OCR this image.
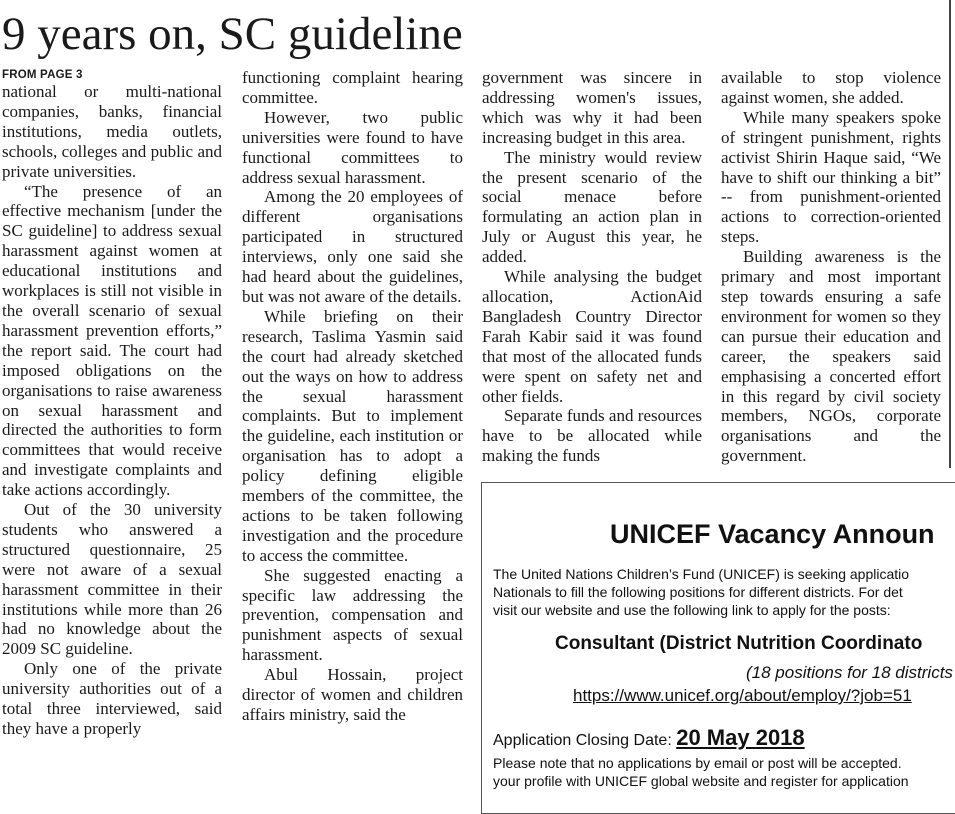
9 years on, SC guideline

FROM PAGE 3

national or multi-national companies, banks, financial institutions, media outlets, schools, colleges and public and private universities.

“The presence of an effective mechanism [under the SC guideline] to address sexual harassment against women at educational institutions and workplaces is still not visible in the overall scenario of sexual harassment prevention efforts,” the report said. The court had imposed obligations on the organisations to raise awareness on sexual harassment and directed the authorities to form committees that would receive and investigate complaints and take actions accordingly.

Out of the 30 university students who answered a structured questionnaire, 25 were not aware of a sexual harassment committee in their institutions while more than 26 had no knowledge about the 2009 SC guideline.

Only one of the private university authorities out of a total three interviewed, said they have a properly

functioning complaint hearing committee.

However, two public universities were found to have functional committees to address sexual harassment.

Among the 20 employees of different organisations participated in structured interviews, only one said she had heard about the guidelines, but was not aware of the details.

While briefing on their research, Taslima Yasmin said the court had already sketched out the ways on how to address the sexual harassment complaints. But to implement the guideline, each institution or organisation has to adopt a policy defining eligible members of the committee, the actions to be taken following investigation and the procedure to access the committee.

She suggested enacting a specific law addressing the prevention, compensation and punishment aspects of sexual harassment.

Abul Hossain, project director of women and children affairs ministry, said the

government was sincere in addressing women's issues, which was why it had been increasing budget in this area.

The ministry would review the present scenario of the social menace before formulating an action plan in July or August this year, he added.

While analysing the budget allocation, ActionAid Bangladesh Country Director Farah Kabir said it was found that most of the allocated funds were spent on safety net and other fields.

Separate funds and resources have to be allocated while making the funds

available to stop violence against women, she added.

While many speakers spoke of stringent punishment, rights activist Shirin Haque said, “We have to shift our thinking a bit” -- from punishment-oriented actions to correction-oriented steps.

Building awareness is the primary and most important step towards ensuring a safe environment for women so they can pursue their education and career, the speakers said emphasising a concerted effort in this regard by civil society members, NGOs, corporate organisations and the government.

UNICEF Vacancy Announ

The United Nations Children’s Fund (UNICEF) is seeking applicatio
Nationals to fill the following positions for different districts. For det
visit our website and use the following link to apply for the posts:

Consultant (District Nutrition Coordinato

(18 positions for 18 districts

https://www.unicef.org/about/employ/?job=51

Application Closing Date: 20 May 2018

Please note that no applications by email or post will be accepted.
your profile with UNICEF global website and register for application
